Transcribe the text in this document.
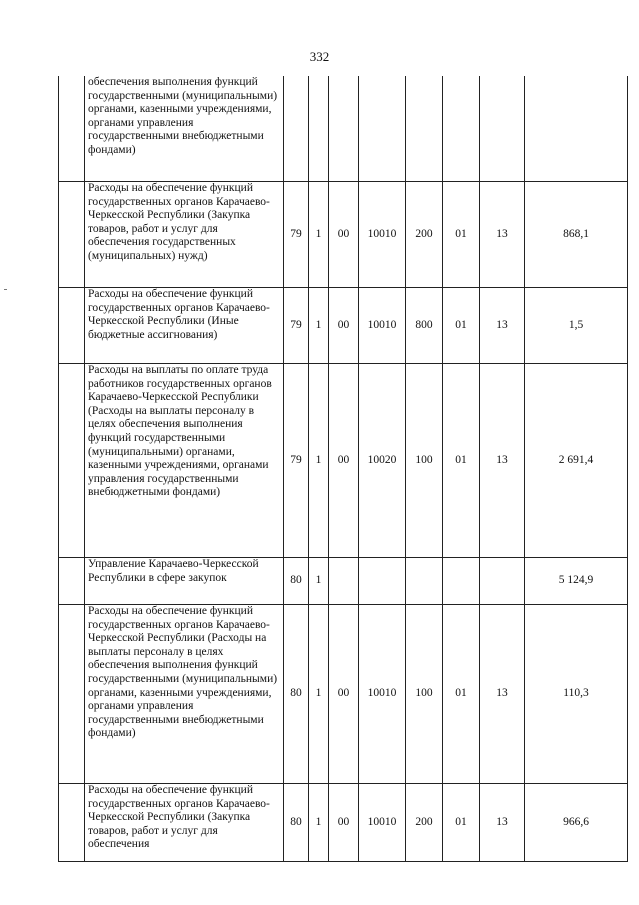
332
	обеспечения выполнения функций государственными (муниципальными) органами, казенными учреждениями, органами управления государственными внебюджетными фондами)								
	Расходы на обеспечение функций государственных органов Карачаево-Черкесской Республики (Закупка товаров, работ и услуг для обеспечения государственных (муниципальных) нужд)	79	1	00	10010	200	01	13	868,1
	Расходы на обеспечение функций государственных органов Карачаево-Черкесской Республики (Иные бюджетные ассигнования)	79	1	00	10010	800	01	13	1,5
	Расходы на выплаты по оплате труда работников государственных органов Карачаево-Черкесской Республики (Расходы на выплаты персоналу в целях обеспечения выполнения функций государственными (муниципальными) органами, казенными учреждениями, органами управления государственными внебюджетными фондами)	79	1	00	10020	100	01	13	2 691,4
	Управление Карачаево-Черкесской Республики в сфере закупок	80	1						5 124,9
	Расходы на обеспечение функций государственных органов Карачаево-Черкесской Республики (Расходы на выплаты персоналу в целях обеспечения выполнения функций государственными (муниципальными) органами, казенными учреждениями, органами управления государственными внебюджетными фондами)	80	1	00	10010	100	01	13	110,3
	Расходы на обеспечение функций государственных органов Карачаево-Черкесской Республики (Закупка товаров, работ и услуг для обеспечения	80	1	00	10010	200	01	13	966,6
